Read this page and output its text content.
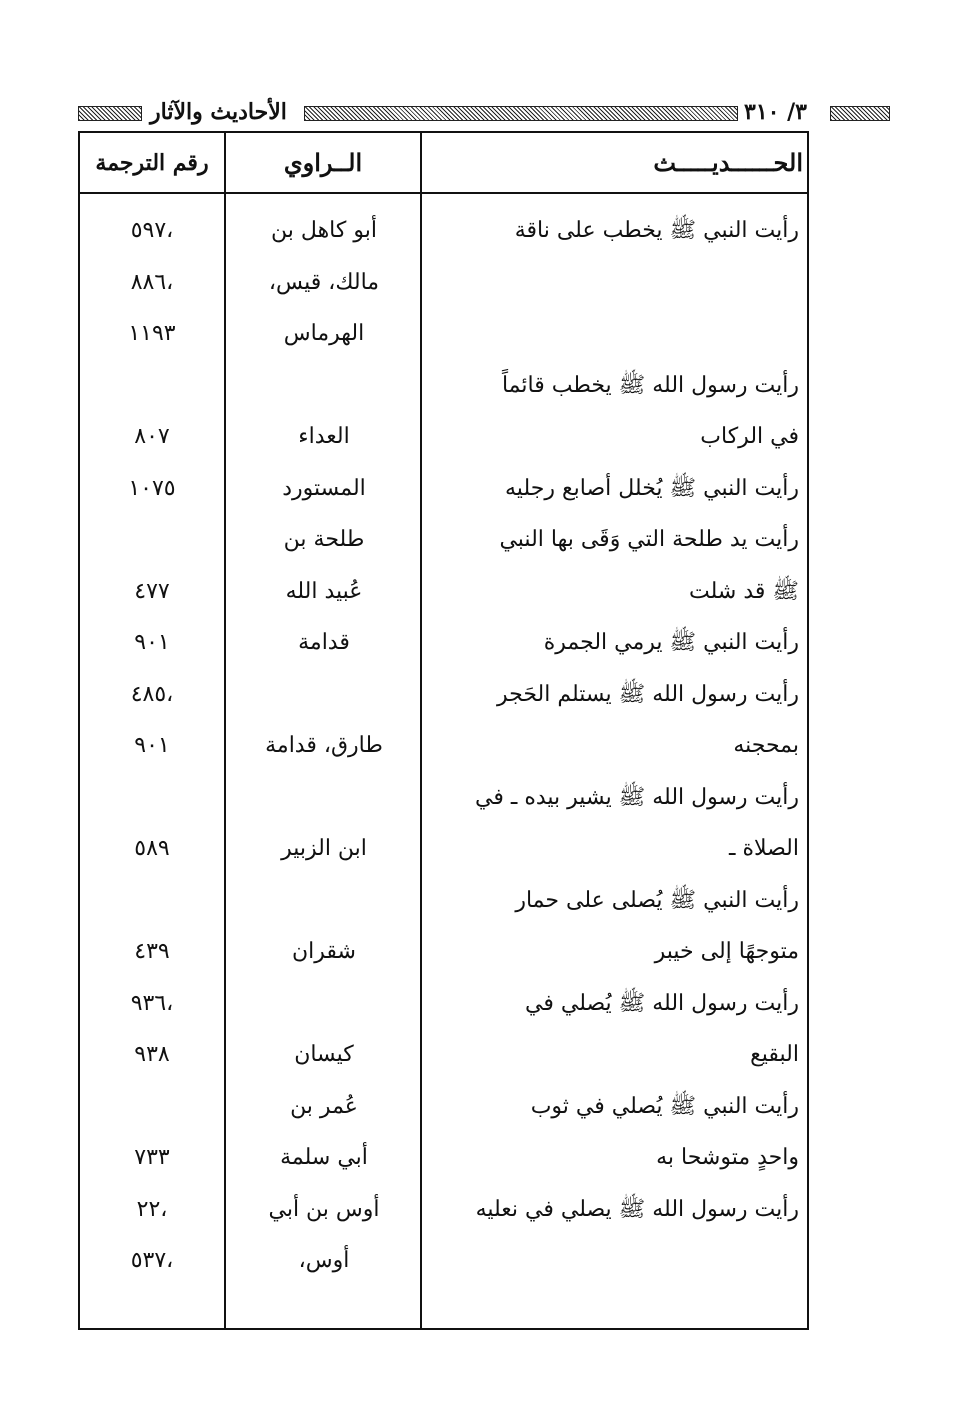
الأحاديث والآثار	٣/ ٣١٠
الحــــــديـــــث
الــراوي
رقم الترجمة
رأيت النبي ﷺ يخطب على ناقة
أبو كاهل بن
،٥٩٧
مالك، قيس،
،٨٨٦
الهرماس
١١٩٣
رأيت رسول الله ﷺ يخطب قائماً
في الركاب
العداء
٨٠٧
رأيت النبي ﷺ يُخلل أصابع رجليه
المستورد
١٠٧٥
رأيت يد طلحة التي وَقَى بها النبي
طلحة بن
ﷺ قد شلت
عُبيد الله
٤٧٧
رأيت النبي ﷺ يرمي الجمرة
قدامة
٩٠١
رأيت رسول الله ﷺ يستلم الحَجر
،٤٨٥
بمحجنه
طارق، قدامة
٩٠١
رأيت رسول الله ﷺ يشير بيده ـ في
الصلاة ـ
ابن الزبير
٥٨٩
رأيت النبي ﷺ يُصلى على حمار
متوجهًا إلى خيبر
شقران
٤٣٩
رأيت رسول الله ﷺ يُصلي في
،٩٣٦
البقيع
كيسان
٩٣٨
رأيت النبي ﷺ يُصلي في ثوب
عُمر بن
واحدٍ متوشحا به
أبي سلمة
٧٣٣
رأيت رسول الله ﷺ يصلي في نعليه
أوس بن أبي
،٢٢
أوس،
،٥٣٧
